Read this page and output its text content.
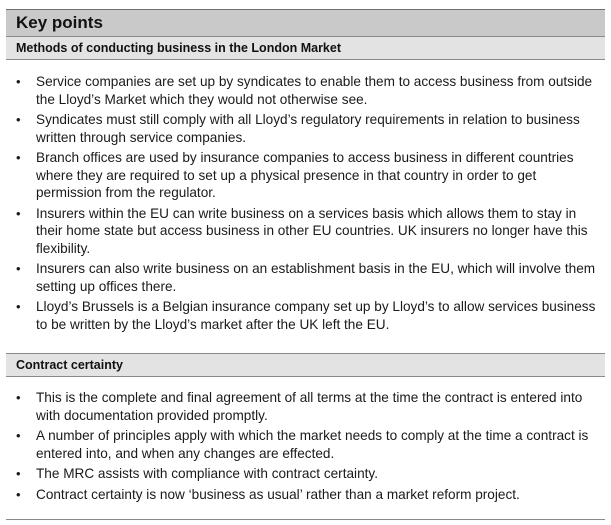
Key points
Methods of conducting business in the London Market
• Service companies are set up by syndicates to enable them to access business from outside the Lloyd’s Market which they would not otherwise see.
• Syndicates must still comply with all Lloyd’s regulatory requirements in relation to business written through service companies.
• Branch offices are used by insurance companies to access business in different countries where they are required to set up a physical presence in that country in order to get permission from the regulator.
• Insurers within the EU can write business on a services basis which allows them to stay in their home state but access business in other EU countries. UK insurers no longer have this flexibility.
• Insurers can also write business on an establishment basis in the EU, which will involve them setting up offices there.
• Lloyd’s Brussels is a Belgian insurance company set up by Lloyd’s to allow services business to be written by the Lloyd’s market after the UK left the EU.
Contract certainty
• This is the complete and final agreement of all terms at the time the contract is entered into with documentation provided promptly.
• A number of principles apply with which the market needs to comply at the time a contract is entered into, and when any changes are effected.
• The MRC assists with compliance with contract certainty.
• Contract certainty is now ‘business as usual’ rather than a market reform project.
